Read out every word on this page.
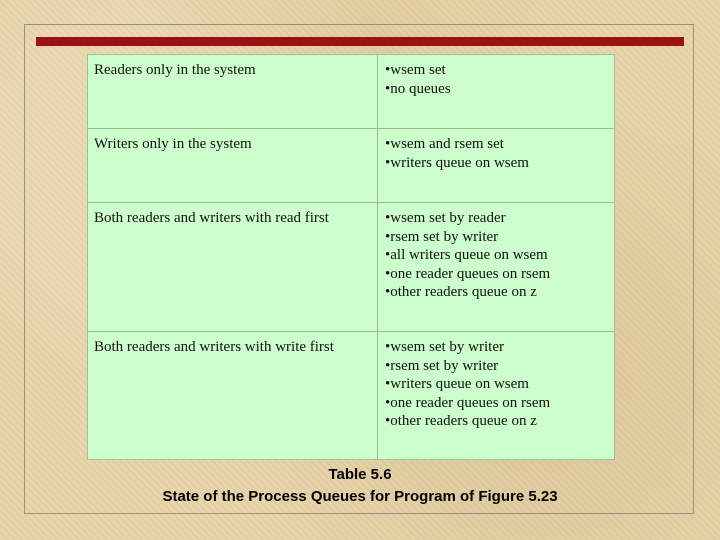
Readers only in the system	•wsem set
•no queues
Writers only in the system	•wsem and rsem set
•writers queue on wsem
Both readers and writers with read first	•wsem set by reader
•rsem set by writer
•all writers queue on wsem
•one reader queues on rsem
•other readers queue on z
Both readers and writers with write first	•wsem set by writer
•rsem set by writer
•writers queue on wsem
•one reader queues on rsem
•other readers queue on z
Table 5.6
State of the Process Queues for Program of Figure 5.23
